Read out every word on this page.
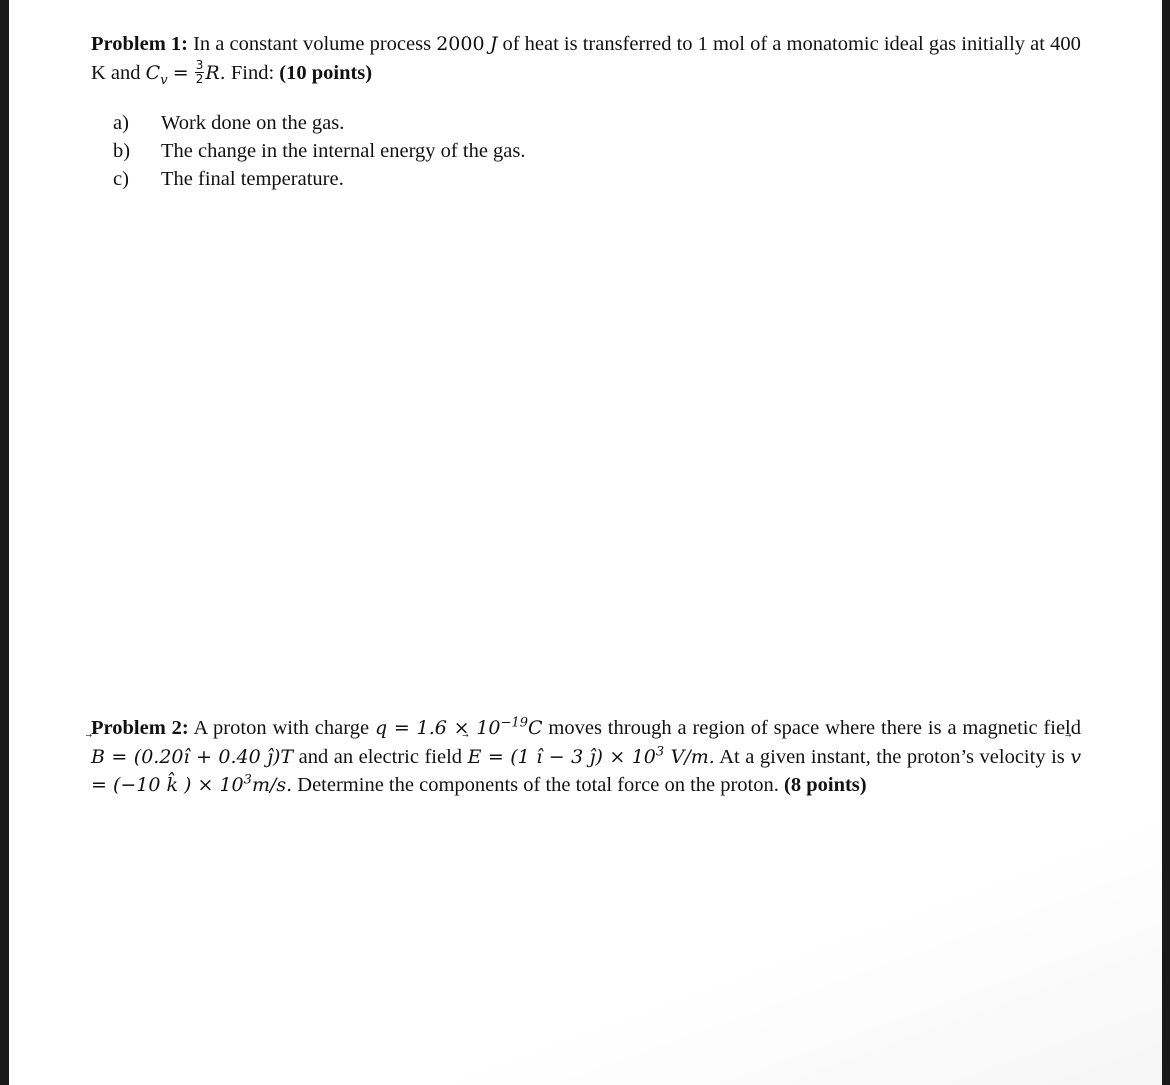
Problem 1: In a constant volume process 2000 J of heat is transferred to 1 mol of a monatomic ideal gas initially at 400 K and $C_v = \frac{3}{2} R$. Find: (10 points)
a)	Work done on the gas.
b)	The change in the internal energy of the gas.
c)	The final temperature.
Problem 2: A proton with charge $q = 1.6 \times 10^{-19}C$ moves through a region of space where there is a magnetic field
B = (0.20î + 0.40 ĵ)T and an electric field E = (1 î − 3 ĵ) × $10^3$ V/m. At a given instant, the proton’s velocity is v = (−10 k̂ ) × $10^3m/s$. Determine the components of the total force on the proton. (8 points)
